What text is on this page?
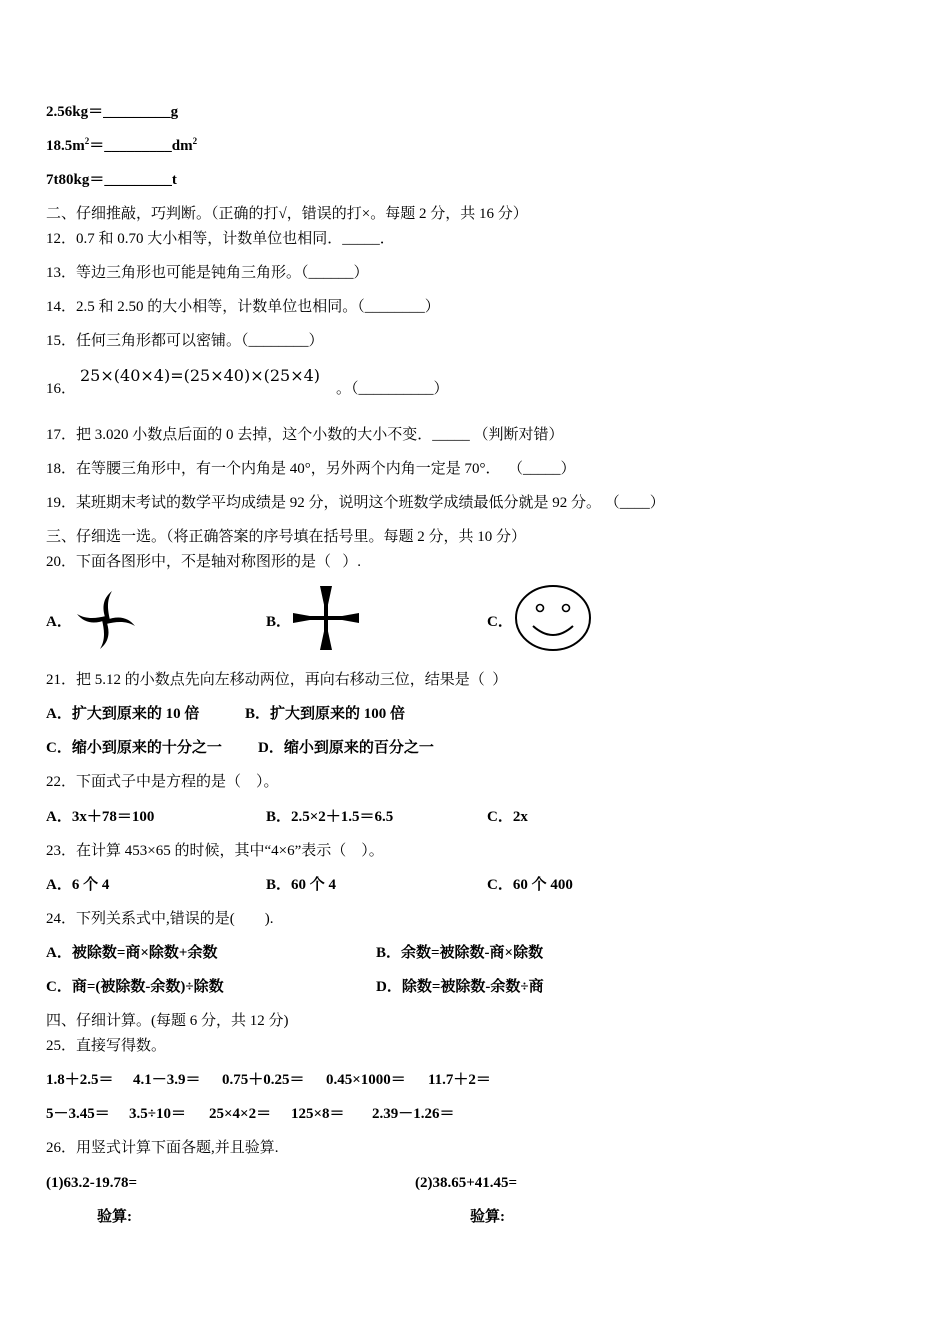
2.56kg＝_________g
$18.5m^2=\_\_\_\_\_\_\_\_\_dm^2$
7t80kg＝_________t
二、仔细推敲，巧判断。（正确的打√，错误的打×。每题 2 分，共 16 分）
12．0.7 和 0.70 大小相等，计数单位也相同．_____．
13．等边三角形也可能是钝角三角形。（______）
14．2.5 和 2.50 的大小相等，计数单位也相同。（________）
15．任何三角形都可以密铺。（________）
16．
25×(40×4)=(25×40)×(25×4)
。（__________）
17．把 3.020 小数点后面的 0 去掉，这个小数的大小不变．_____ （判断对错）
18．在等腰三角形中，有一个内角是 40°，另外两个内角一定是 70°．  （_____）
19．某班期末考试的数学平均成绩是 92 分，说明这个班数学成绩最低分就是 92 分。 （____）
三、仔细选一选。（将正确答案的序号填在括号里。每题 2 分，共 10 分）
20．下面各图形中，不是轴对称图形的是（   ）.
A．	B．	C．
21．把 5.12 的小数点先向左移动两位，再向右移动三位，结果是（  ）
A．扩大到原来的 10 倍	B．扩大到原来的 100 倍
C．缩小到原来的十分之一 D．缩小到原来的百分之一
22．下面式子中是方程的是（    ）。
A．3x＋78＝100	B．2.5×2＋1.5＝6.5	C．2x
23．在计算 453×65 的时候，其中“4×6”表示（    ）。
A．6 个 4	B．60 个 4	C．60 个 400
24．下列关系式中,错误的是(        ).
A．被除数=商×除数+余数	B．余数=被除数-商×除数
C．商=(被除数-余数)÷除数	D．除数=被除数-余数÷商
四、仔细计算。(每题 6 分，共 12 分)
25．直接写得数。
1.8＋2.5＝ 4.1－3.9＝ 0.75＋0.25＝ 0.45×1000＝ 11.7＋2＝
5－3.45＝ 3.5÷10＝ 25×4×2＝ 125×8＝ 2.39－1.26＝
26．用竖式计算下面各题,并且验算.
(1)63.2-19.78=	(2)38.65+41.45=
验算:	验算:
